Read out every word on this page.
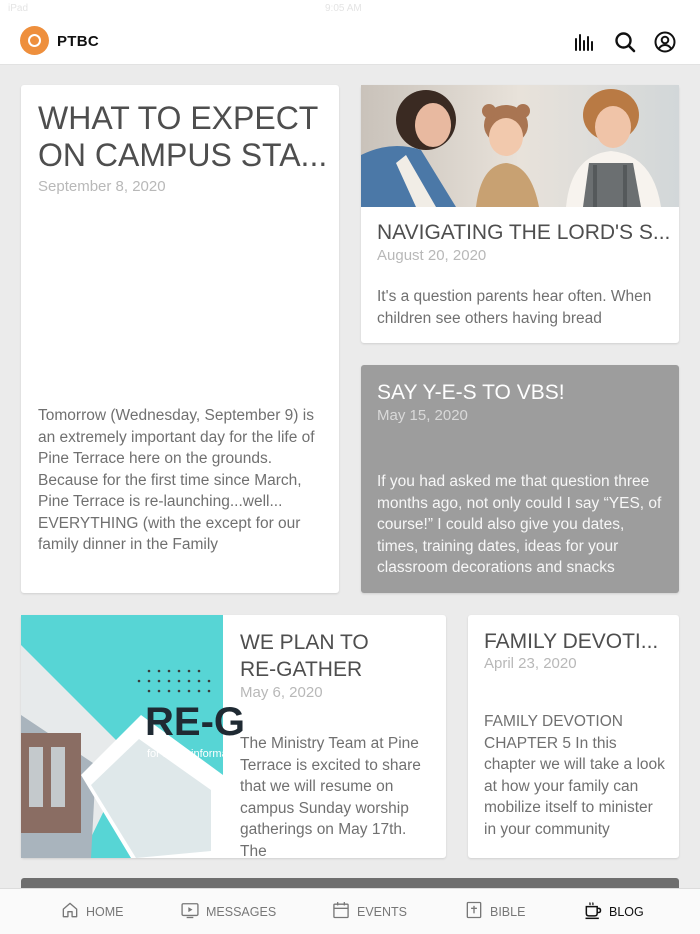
iPad	9:05 AM
PTBC
WHAT TO EXPECT
ON CAMPUS STA...
September 8, 2020
Tomorrow (Wednesday, September 9) is an extremely important day for the life of Pine Terrace here on the grounds. Because for the first time since March, Pine Terrace is re-launching...well... EVERYTHING (with the except for our family dinner in the Family
NAVIGATING THE LORD'S S...
August 20, 2020
It's a question parents hear often. When children see others having bread
SAY Y-E-S TO VBS!
May 15, 2020
If you had asked me that question three months ago, not only could I say “YES, of course!” I could also give you dates, times, training dates, ideas for your classroom decorations and snacks
RE-G
for more informa
WE PLAN TO
RE-GATHER
May 6, 2020
The Ministry Team at Pine Terrace is excited to share that we will resume on campus Sunday worship gatherings on May 17th. The
FAMILY DEVOTI...
April 23, 2020
FAMILY DEVOTION CHAPTER 5 In this chapter we will take a look at how your family can mobilize itself to minister in your community
HOME	MESSAGES	EVENTS	BIBLE	BLOG
